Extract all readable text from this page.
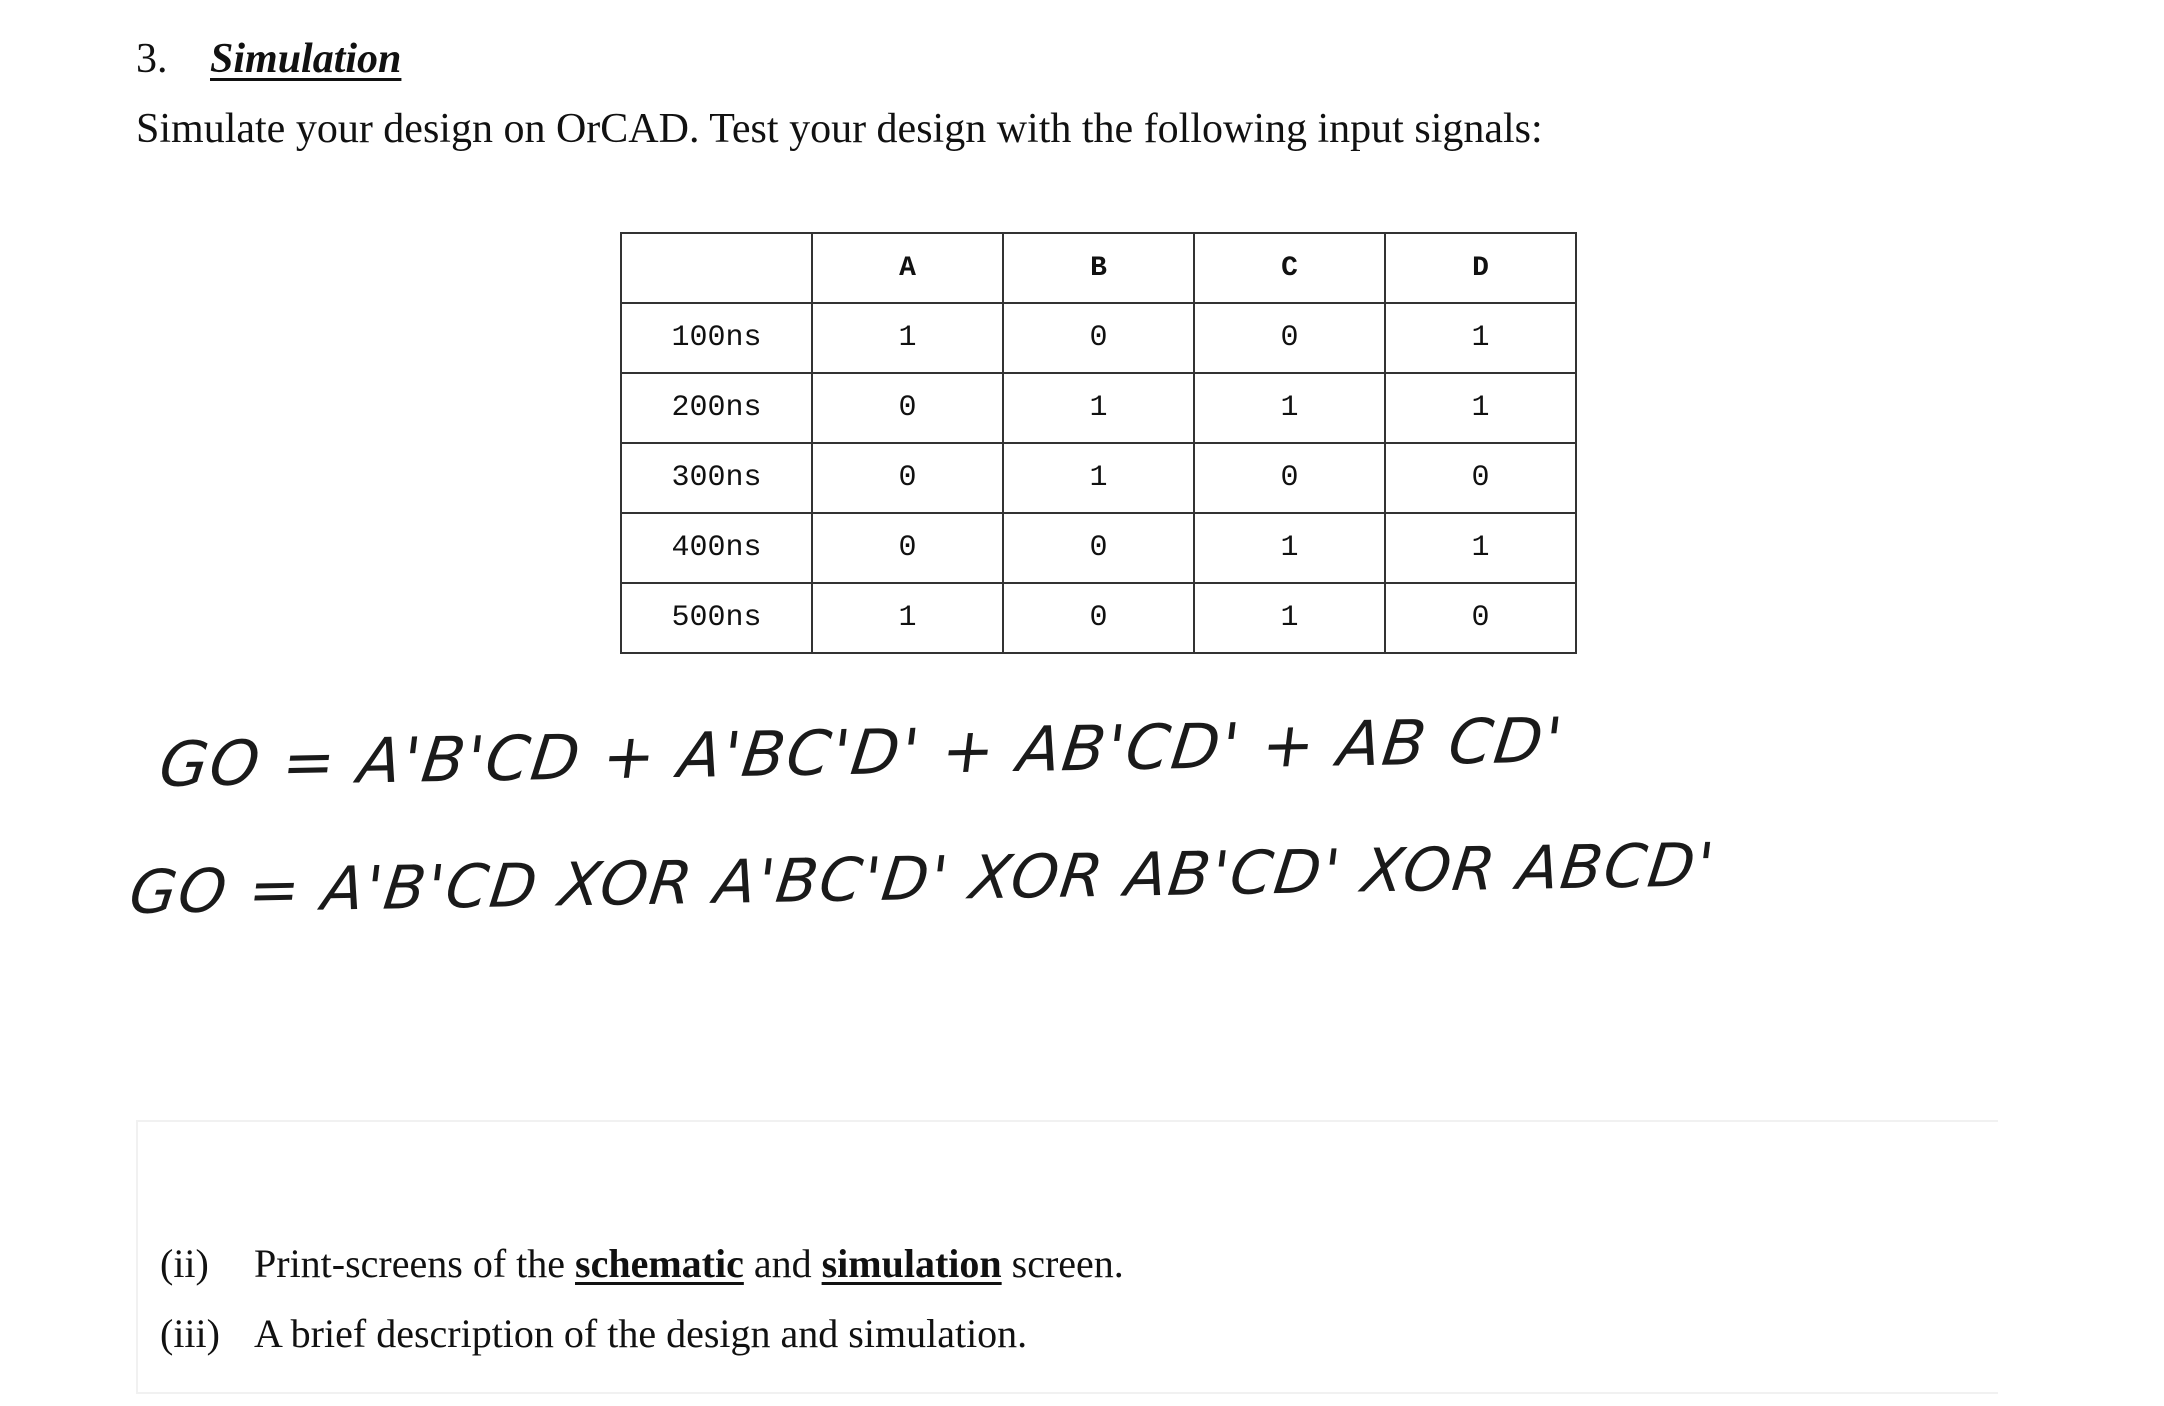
3. Simulation
Simulate your design on OrCAD. Test your design with the following input signals:
	A	B	C	D
100ns	1	0	0	1
200ns	0	1	1	1
300ns	0	1	0	0
400ns	0	0	1	1
500ns	1	0	1	0
GO = A'B'CD + A'BC'D' + AB'CD' + AB CD'
GO = A'B'CD XOR A'BC'D' XOR AB'CD' XOR ABCD'
(ii) Print-screens of the schematic and simulation screen.
(iii) A brief description of the design and simulation.
